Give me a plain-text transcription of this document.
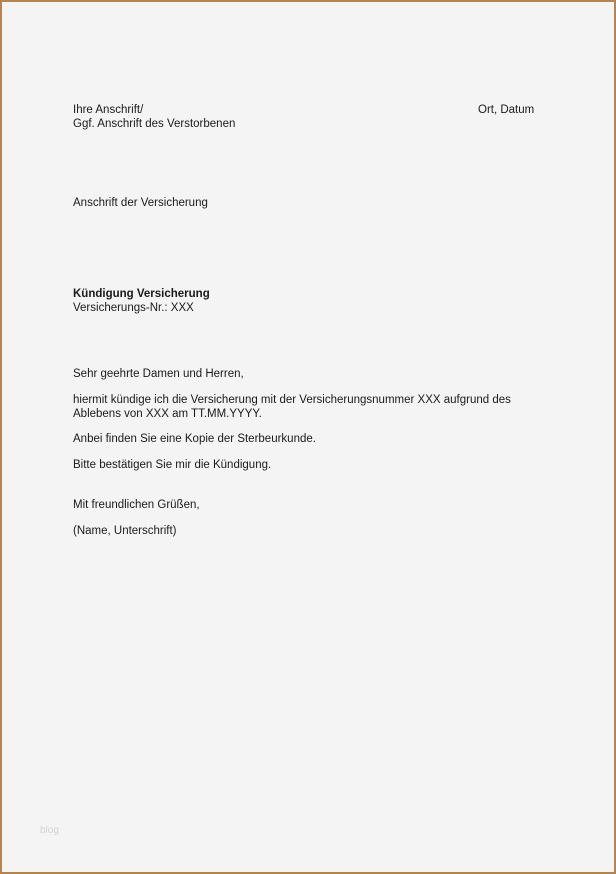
Ihre Anschrift/
Ggf. Anschrift des Verstorbenen
Ort, Datum
Anschrift der Versicherung
Kündigung Versicherung
Versicherungs-Nr.: XXX
Sehr geehrte Damen und Herren,
hiermit kündige ich die Versicherung mit der Versicherungsnummer XXX aufgrund des
Ablebens von XXX am TT.MM.YYYY.
Anbei finden Sie eine Kopie der Sterbeurkunde.
Bitte bestätigen Sie mir die Kündigung.
Mit freundlichen Grüßen,
(Name, Unterschrift)
blog
